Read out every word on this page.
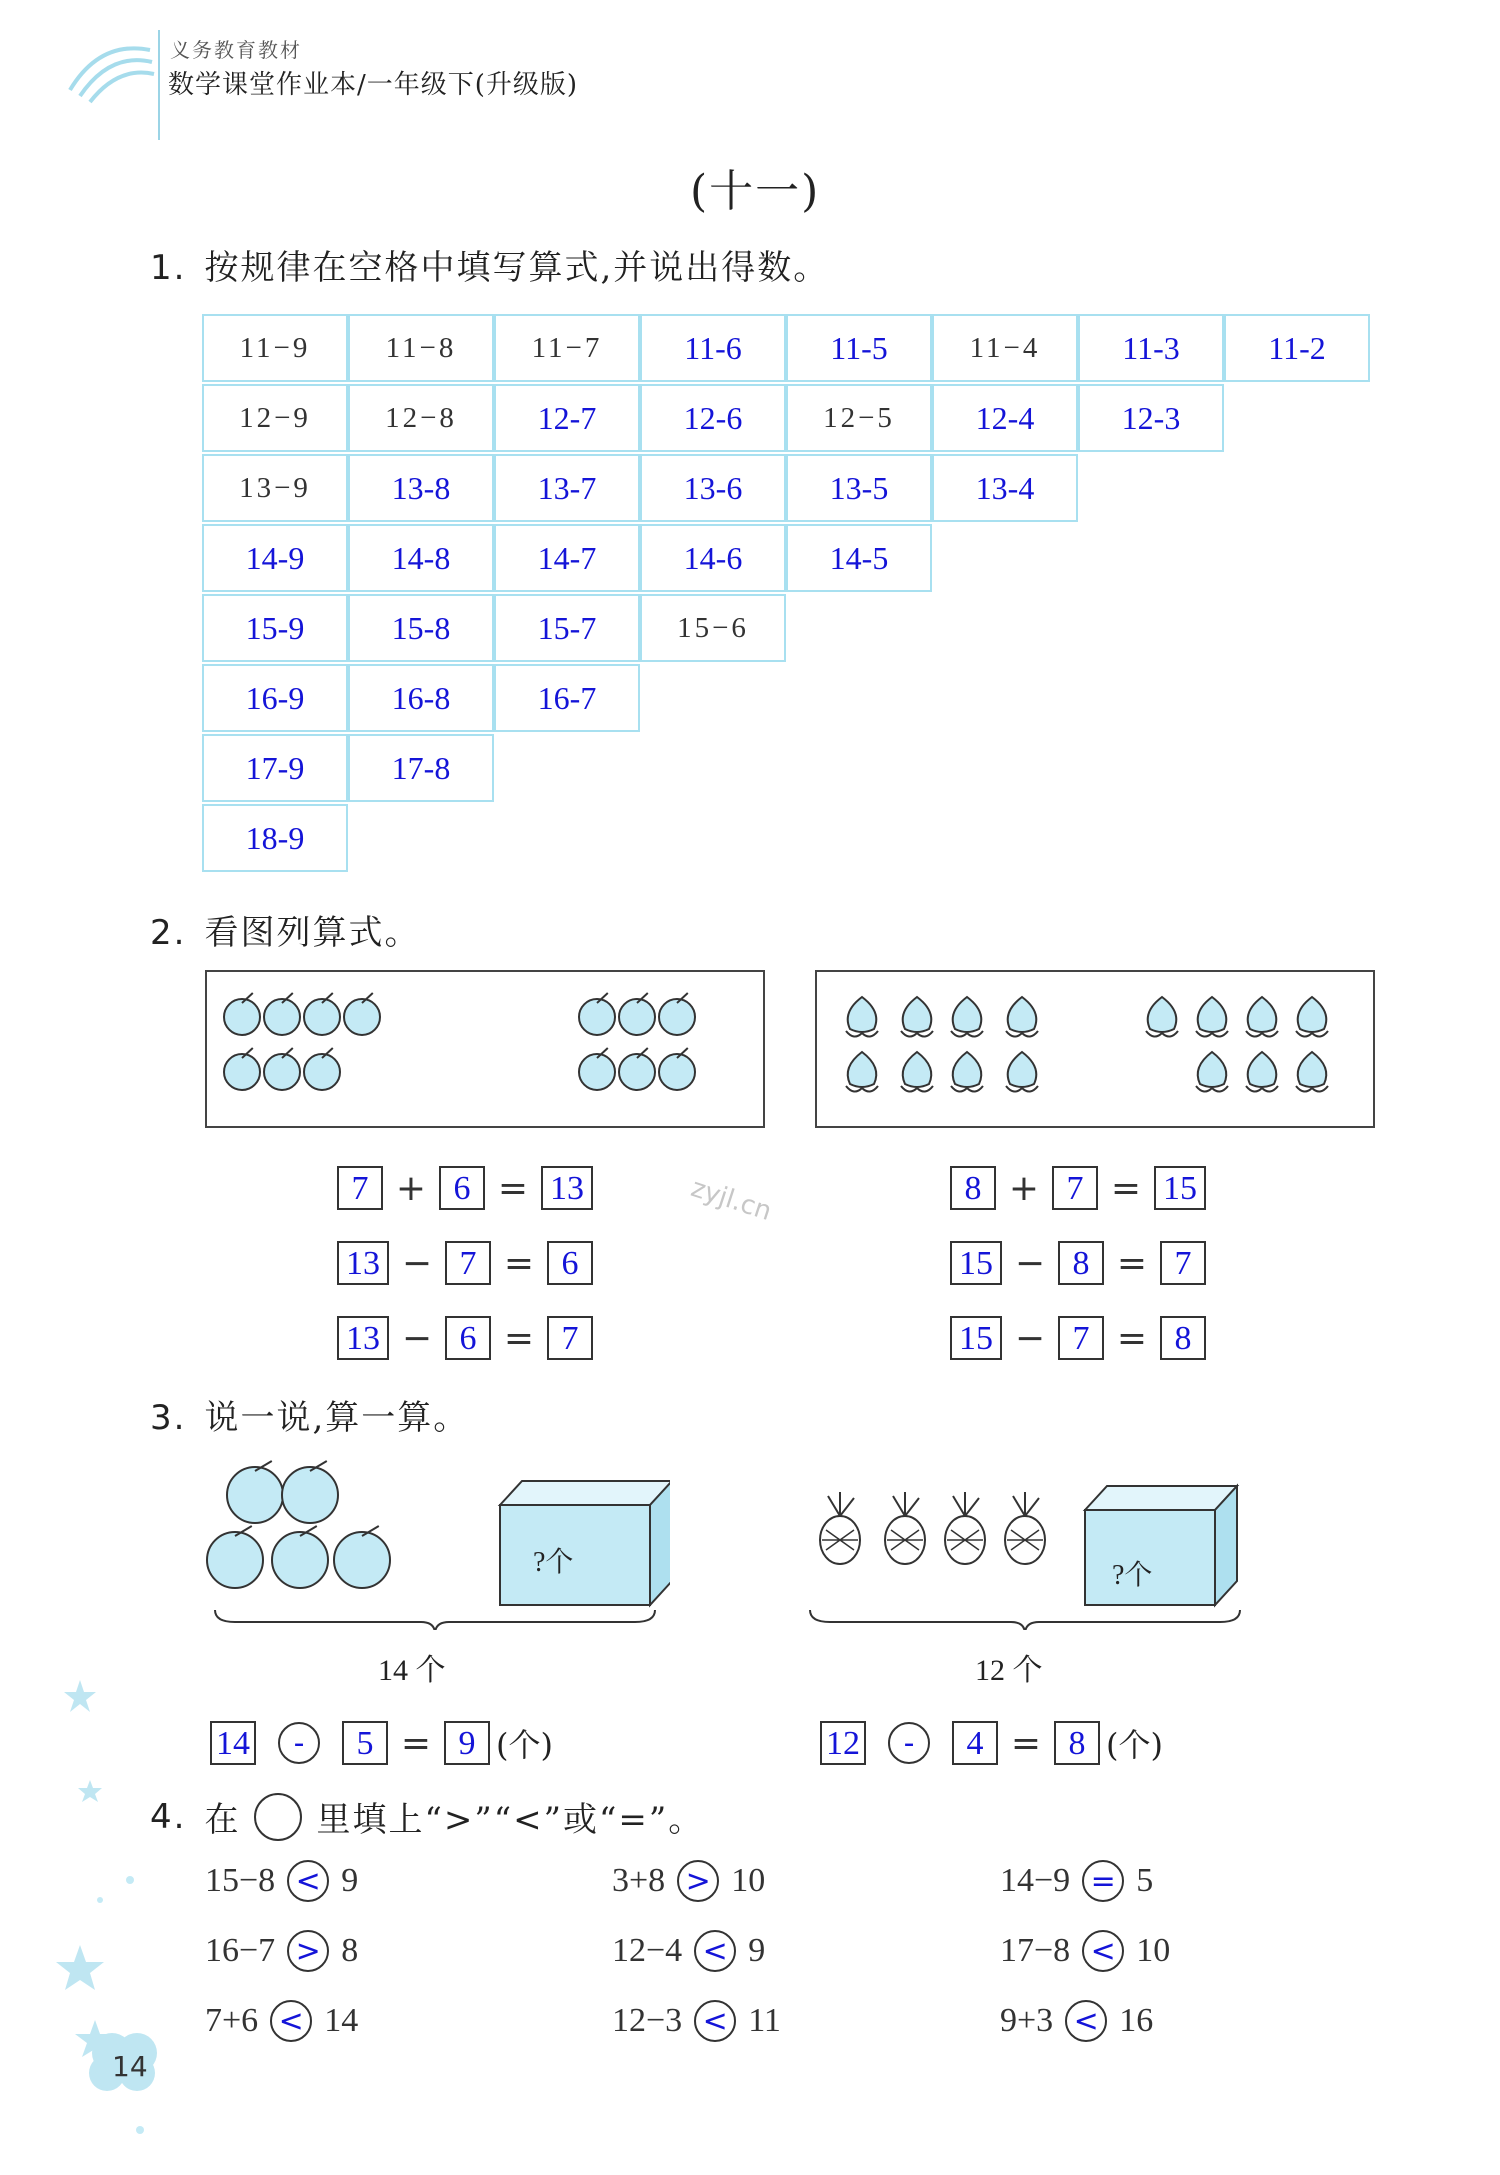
义务教育教材
数学课堂作业本/一年级下(升级版)
(十一)
1. 按规律在空格中填写算式,并说出得数。
11−9	11−8	11−7	11-6	11-5	11−4	11-3	11-2
12−9	12−8	12-7	12-6	12−5	12-4	12-3
13−9	13-8	13-7	13-6	13-5	13-4
14-9	14-8	14-7	14-6	14-5
15-9	15-8	15-7	15−6
16-9	16-8	16-7
17-9	17-8
18-9
2. 看图列算式。
7 + 6 = 13
13 − 7 = 6
13 − 6 = 7
8 + 7 = 15
15 − 8 = 7
15 − 7 = 8
zyjl.cn
3. 说一说,算一算。
?个	?个
14 个	12 个
14	-	5 = 9 (个)	12	-	4 = 8 (个)
4. 在 里填上“>”“<”或“=”。
15−8 < 9	3+8 > 10	14−9 = 5
16−7 > 8	12−4 < 9	17−8 < 10
7+6 < 14	12−3 < 11	9+3 < 16
14
